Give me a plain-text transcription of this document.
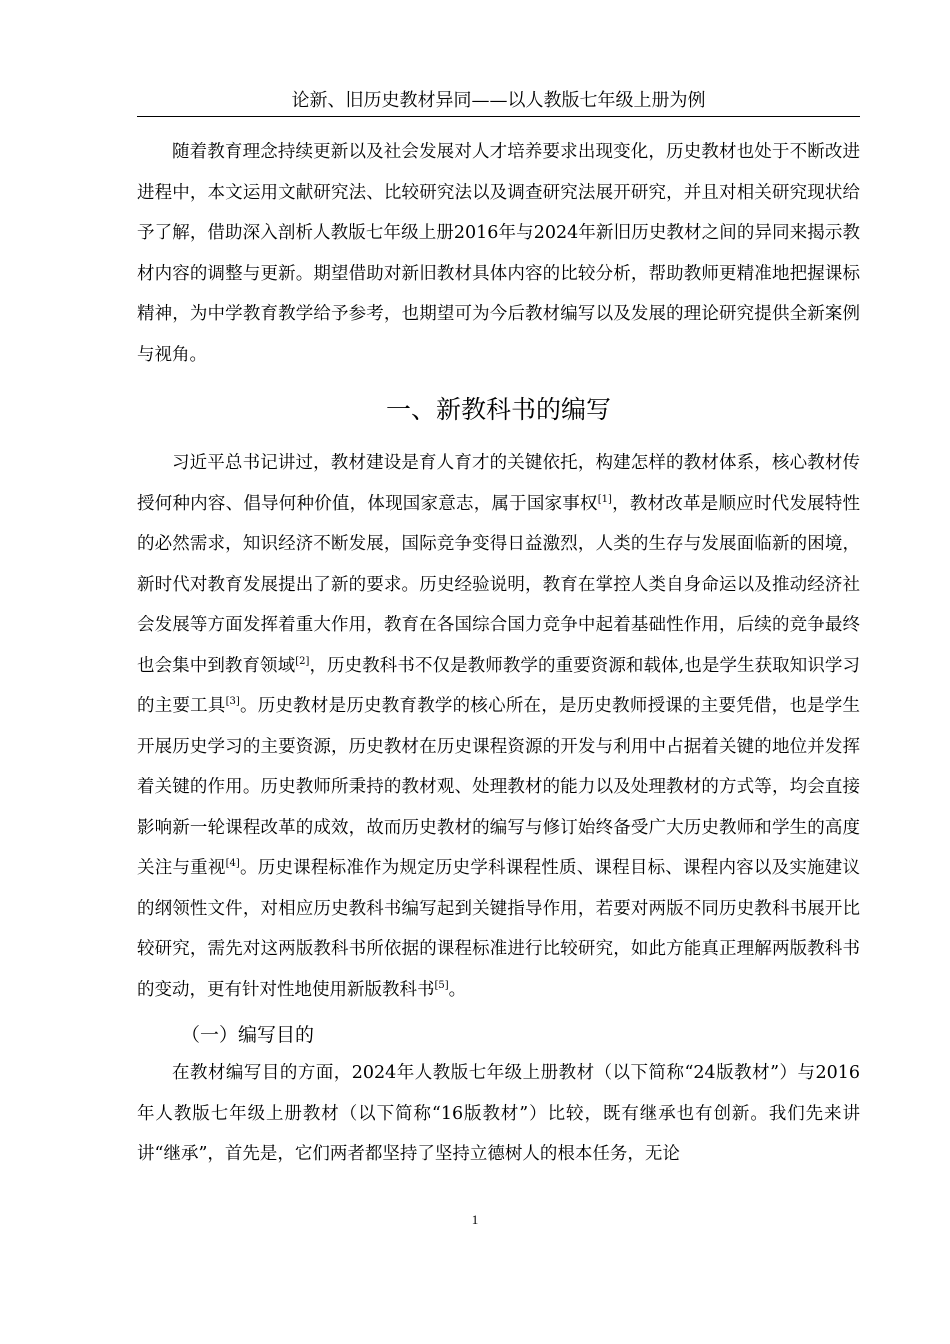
论新、旧历史教材异同——以人教版七年级上册为例

随着教育理念持续更新以及社会发展对人才培养要求出现变化，历史教材也处于不断改进进程中，本文运用文献研究法、比较研究法以及调查研究法展开研究，并且对相关研究现状给予了解，借助深入剖析人教版七年级上册2016年与2024年新旧历史教材之间的异同来揭示教材内容的调整与更新。期望借助对新旧教材具体内容的比较分析，帮助教师更精准地把握课标精神，为中学教育教学给予参考，也期望可为今后教材编写以及发展的理论研究提供全新案例与视角。

一、新教科书的编写

习近平总书记讲过，教材建设是育人育才的关键依托，构建怎样的教材体系，核心教材传授何种内容、倡导何种价值，体现国家意志，属于国家事权[1]，教材改革是顺应时代发展特性的必然需求，知识经济不断发展，国际竞争变得日益激烈，人类的生存与发展面临新的困境，新时代对教育发展提出了新的要求。历史经验说明，教育在掌控人类自身命运以及推动经济社会发展等方面发挥着重大作用，教育在各国综合国力竞争中起着基础性作用，后续的竞争最终也会集中到教育领域[2]，历史教科书不仅是教师教学的重要资源和载体,也是学生获取知识学习的主要工具[3]。历史教材是历史教育教学的核心所在，是历史教师授课的主要凭借，也是学生开展历史学习的主要资源，历史教材在历史课程资源的开发与利用中占据着关键的地位并发挥着关键的作用。历史教师所秉持的教材观、处理教材的能力以及处理教材的方式等，均会直接影响新一轮课程改革的成效，故而历史教材的编写与修订始终备受广大历史教师和学生的高度关注与重视[4]。历史课程标准作为规定历史学科课程性质、课程目标、课程内容以及实施建议的纲领性文件，对相应历史教科书编写起到关键指导作用，若要对两版不同历史教科书展开比较研究，需先对这两版教科书所依据的课程标准进行比较研究，如此方能真正理解两版教科书的变动，更有针对性地使用新版教科书[5]。

（一）编写目的

在教材编写目的方面，2024年人教版七年级上册教材（以下简称“24版教材”）与2016年人教版七年级上册教材（以下简称“16版教材”）比较，既有继承也有创新。我们先来讲讲“继承”，首先是，它们两者都坚持了坚持立德树人的根本任务，无论

1
